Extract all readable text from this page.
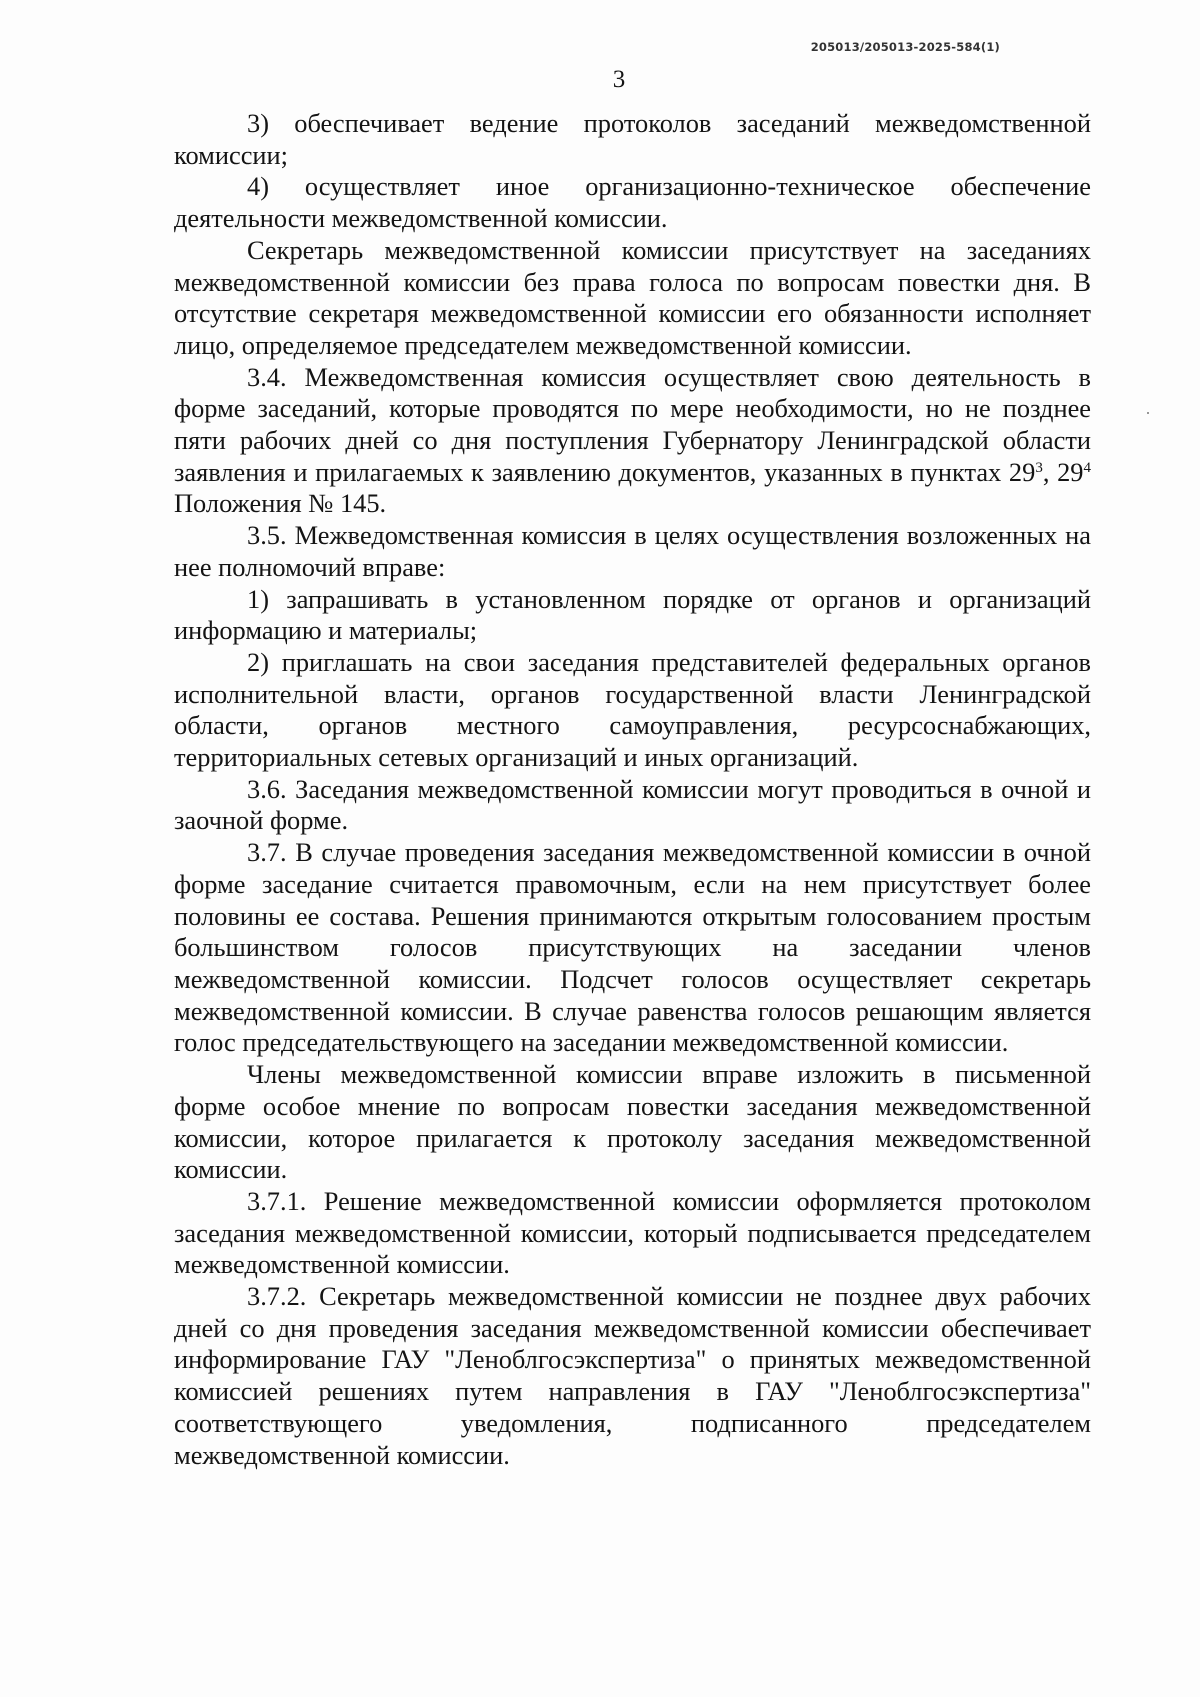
205013/205013-2025-584(1)
3

3) обеспечивает ведение протоколов заседаний межведомственной комиссии;

4) осуществляет иное организационно-техническое обеспечение деятельности межведомственной комиссии.

Секретарь межведомственной комиссии присутствует на заседаниях межведомственной комиссии без права голоса по вопросам повестки дня. В отсутствие секретаря межведомственной комиссии его обязанности исполняет лицо, определяемое председателем межведомственной комиссии.

3.4. Межведомственная комиссия осуществляет свою деятельность в форме заседаний, которые проводятся по мере необходимости, но не позднее пяти рабочих дней со дня поступления Губернатору Ленинградской области заявления и прилагаемых к заявлению документов, указанных в пунктах $29^3$, $29^4$ Положения № 145.

3.5. Межведомственная комиссия в целях осуществления возложенных на нее полномочий вправе:

1) запрашивать в установленном порядке от органов и организаций информацию и материалы;

2) приглашать на свои заседания представителей федеральных органов исполнительной власти, органов государственной власти Ленинградской области, органов местного самоуправления, ресурсоснабжающих, территориальных сетевых организаций и иных организаций.

3.6. Заседания межведомственной комиссии могут проводиться в очной и заочной форме.

3.7. В случае проведения заседания межведомственной комиссии в очной форме заседание считается правомочным, если на нем присутствует более половины ее состава. Решения принимаются открытым голосованием простым большинством голосов присутствующих на заседании членов межведомственной комиссии. Подсчет голосов осуществляет секретарь межведомственной комиссии. В случае равенства голосов решающим является голос председательствующего на заседании межведомственной комиссии.

Члены межведомственной комиссии вправе изложить в письменной форме особое мнение по вопросам повестки заседания межведомственной комиссии, которое прилагается к протоколу заседания межведомственной комиссии.

3.7.1. Решение межведомственной комиссии оформляется протоколом заседания межведомственной комиссии, который подписывается председателем межведомственной комиссии.

3.7.2. Секретарь межведомственной комиссии не позднее двух рабочих дней со дня проведения заседания межведомственной комиссии обеспечивает информирование ГАУ "Леноблгосэкспертиза" о принятых межведомственной комиссией решениях путем направления в ГАУ "Леноблгосэкспертиза" соответствующего уведомления, подписанного председателем межведомственной комиссии.
